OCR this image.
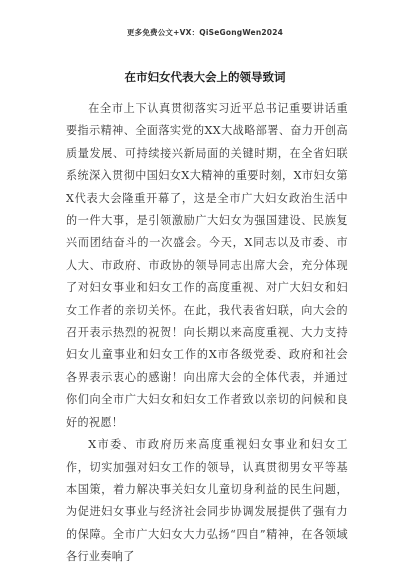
更多免费公文+VX：QiSeGongWen2024
在市妇女代表大会上的领导致词

在全市上下认真贯彻落实习近平总书记重要讲话重要指示精神、全面落实党的XX大战略部署、奋力开创高质量发展、可持续接兴新局面的关键时期，在全省妇联系统深入贯彻中国妇女X大精神的重要时刻，X市妇女第X代表大会隆重开幕了，这是全市广大妇女政治生活中的一件大事，是引领激励广大妇女为强国建设、民族复兴而团结奋斗的一次盛会。今天，X同志以及市委、市人大、市政府、市政协的领导同志出席大会，充分体现了对妇女事业和妇女工作的高度重视、对广大妇女和妇女工作者的亲切关怀。在此，我代表省妇联，向大会的召开表示热烈的祝贺！向长期以来高度重视、大力支持妇女儿童事业和妇女工作的X市各级党委、政府和社会各界表示衷心的感谢！向出席大会的全体代表，并通过你们向全市广大妇女和妇女工作者致以亲切的问候和良好的祝愿！

X市委、市政府历来高度重视妇女事业和妇女工作，切实加强对妇女工作的领导，认真贯彻男女平等基本国策，着力解决事关妇女儿童切身利益的民生问题，为促进妇女事业与经济社会同步协调发展提供了强有力的保障。全市广大妇女大力弘扬“四自”精神，在各领域各行业奏响了
